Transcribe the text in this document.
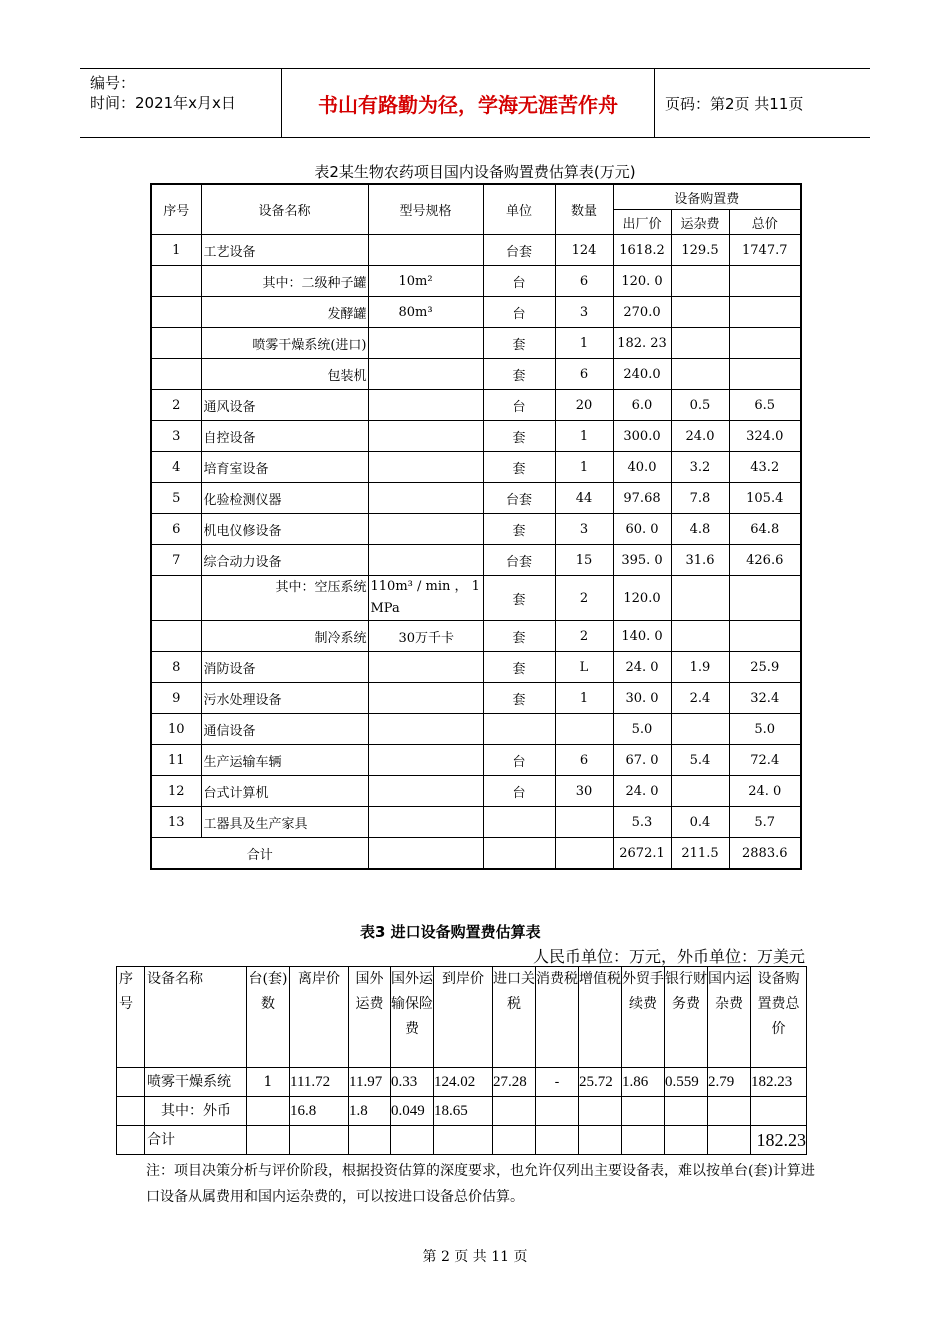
编号：
时间：2021年x月x日	书山有路勤为径，学海无涯苦作舟	页码：第2页 共11页
表2某生物农药项目国内设备购置费估算表(万元)
序号	设备名称	型号规格	单位	数量	设备购置费		
					出厂价	运杂费	总价
1	工艺设备		台套	124	1618.2	129.5	1747.7
	其中：二级种子罐	10m²	台	6	120. 0		
	发酵罐	80m³	台	3	270.0		
	喷雾干燥系统(进口)		套	1	182. 23		
	包装机		套	6	240.0		
2	通风设备		台	20	6.0	0.5	6.5
3	自控设备		套	1	300.0	24.0	324.0
4	培育室设备		套	1	40.0	3.2	43.2
5	化验检测仪器		台套	44	97.68	7.8	105.4
6	机电仪修设备		套	3	60. 0	4.8	64.8
7	综合动力设备		台套	15	395. 0	31.6	426.6
	其中：空压系统	110m³ / min ， 1 MPa	套	2	120.0		
	制冷系统	30万千卡	套	2	140. 0		
8	消防设备		套	L	24. 0	1.9	25.9
9	污水处理设备		套	1	30. 0	2.4	32.4
10	通信设备				5.0		5.0
11	生产运输车辆		台	6	67. 0	5.4	72.4
12	台式计算机		台	30	24. 0		24. 0
13	工器具及生产家具				5.3	0.4	5.7
合计					2672.1	211.5	2883.6
表3 进口设备购置费估算表
人民币单位：万元，外币单位：万美元
序号	设备名称	台(套)数	离岸价	国外运费	国外运输保险费	到岸价	进口关税	消费税	增值税	外贸手续费	银行财务费	国内运杂费	设备购置费总价
	喷雾干燥系统	1	111.72	11.97	0.33	124.02	27.28	-	25.72	1.86	0.559	2.79	182.23
	其中：外币		16.8	1.8	0.049	18.65							
	合计												182.23
注：项目决策分析与评价阶段，根据投资估算的深度要求，也允许仅列出主要设备表，难以按单台(套)计算进口设备从属费用和国内运杂费的，可以按进口设备总价估算。
第 2 页 共 11 页
